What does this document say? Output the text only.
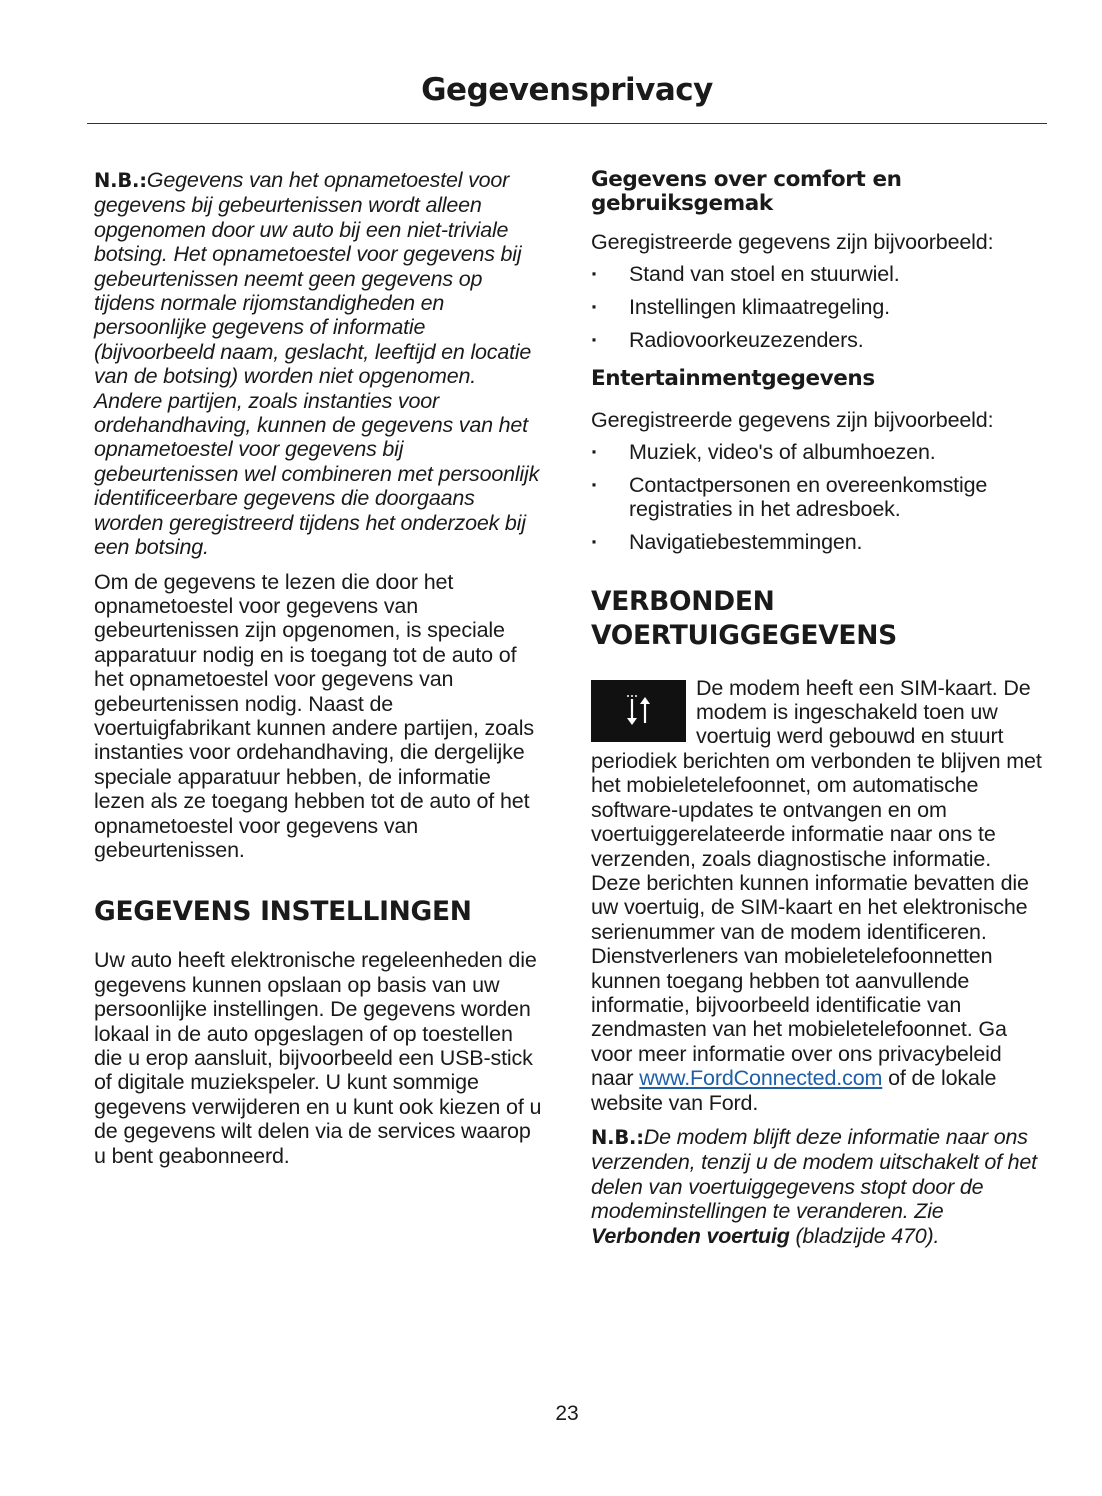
Gegevensprivacy

N.B.:Gegevens van het opnametoestel voor gegevens bij gebeurtenissen wordt alleen opgenomen door uw auto bij een niet-triviale botsing. Het opnametoestel voor gegevens bij gebeurtenissen neemt geen gegevens op tijdens normale rijomstandigheden en persoonlijke gegevens of informatie (bijvoorbeeld naam, geslacht, leeftijd en locatie van de botsing) worden niet opgenomen. Andere partijen, zoals instanties voor ordehandhaving, kunnen de gegevens van het opnametoestel voor gegevens bij gebeurtenissen wel combineren met persoonlijk identificeerbare gegevens die doorgaans worden geregistreerd tijdens het onderzoek bij een botsing.

Om de gegevens te lezen die door het opnametoestel voor gegevens van gebeurtenissen zijn opgenomen, is speciale apparatuur nodig en is toegang tot de auto of het opnametoestel voor gegevens van gebeurtenissen nodig. Naast de voertuigfabrikant kunnen andere partijen, zoals instanties voor ordehandhaving, die dergelijke speciale apparatuur hebben, de informatie lezen als ze toegang hebben tot de auto of het opnametoestel voor gegevens van gebeurtenissen.

GEGEVENS INSTELLINGEN

Uw auto heeft elektronische regeleenheden die gegevens kunnen opslaan op basis van uw persoonlijke instellingen. De gegevens worden lokaal in de auto opgeslagen of op toestellen die u erop aansluit, bijvoorbeeld een USB-stick of digitale muziekspeler. U kunt sommige gegevens verwijderen en u kunt ook kiezen of u de gegevens wilt delen via de services waarop u bent geabonneerd.

Gegevens over comfort en gebruiksgemak

Geregistreerde gegevens zijn bijvoorbeeld:

· Stand van stoel en stuurwiel.
· Instellingen klimaatregeling.
· Radiovoorkeuzezenders.

Entertainmentgegevens

Geregistreerde gegevens zijn bijvoorbeeld:

· Muziek, video's of albumhoezen.
· Contactpersonen en overeenkomstige registraties in het adresboek.
· Navigatiebestemmingen.

VERBONDEN VOERTUIGGEGEVENS

De modem heeft een SIM-kaart. De modem is ingeschakeld toen uw voertuig werd gebouwd en stuurt periodiek berichten om verbonden te blijven met het mobieletelefoonnet, om automatische software-updates te ontvangen en om voertuiggerelateerde informatie naar ons te verzenden, zoals diagnostische informatie. Deze berichten kunnen informatie bevatten die uw voertuig, de SIM-kaart en het elektronische serienummer van de modem identificeren. Dienstverleners van mobieletelefoonnetten kunnen toegang hebben tot aanvullende informatie, bijvoorbeeld identificatie van zendmasten van het mobieletelefoonnet. Ga voor meer informatie over ons privacybeleid naar www.FordConnected.com of de lokale website van Ford.

N.B.:De modem blijft deze informatie naar ons verzenden, tenzij u de modem uitschakelt of het delen van voertuiggegevens stopt door de modeminstellingen te veranderen. Zie Verbonden voertuig (bladzijde 470).

23
